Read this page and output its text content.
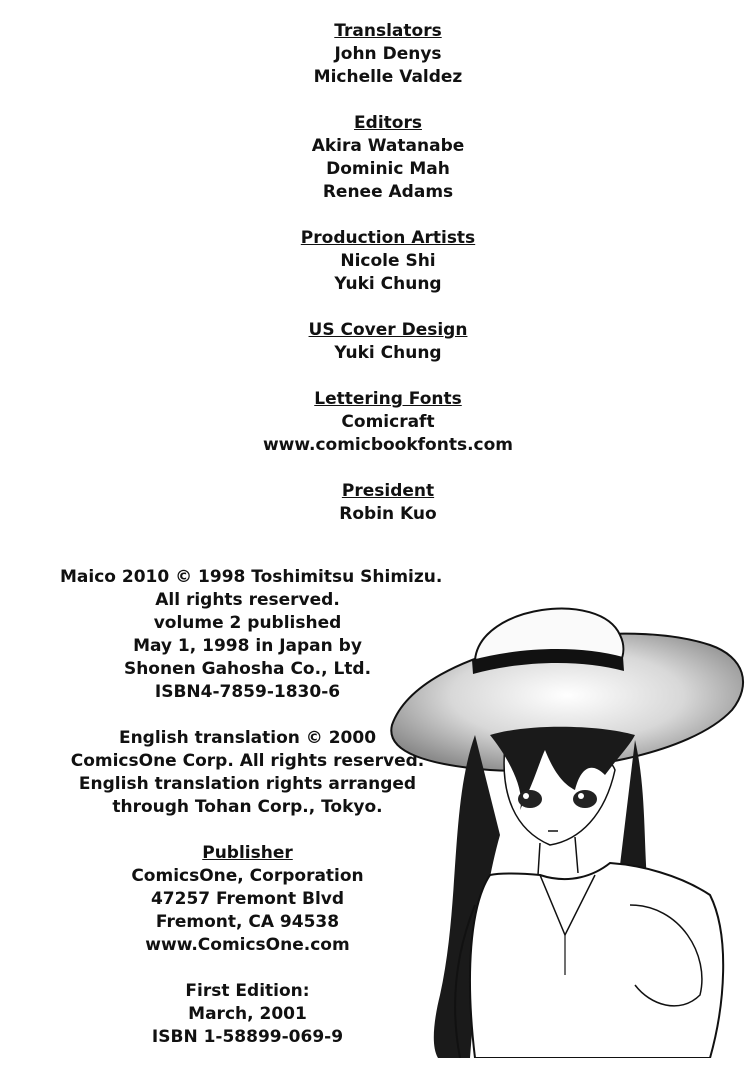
Translators
John Denys
Michelle Valdez
Editors
Akira Watanabe
Dominic Mah
Renee Adams
Production Artists
Nicole Shi
Yuki Chung
US Cover Design
Yuki Chung
Lettering Fonts
Comicraft
www.comicbookfonts.com
President
Robin Kuo
Maico 2010 © 1998 Toshimitsu Shimizu.
All rights reserved.
volume 2 published
May 1, 1998 in Japan by
Shonen Gahosha Co., Ltd.
ISBN4-7859-1830-6
English translation © 2000
ComicsOne Corp. All rights reserved.
English translation rights arranged
through Tohan Corp., Tokyo.
Publisher
ComicsOne, Corporation
47257 Fremont Blvd
Fremont, CA 94538
www.ComicsOne.com
First Edition:
March, 2001
ISBN 1-58899-069-9
